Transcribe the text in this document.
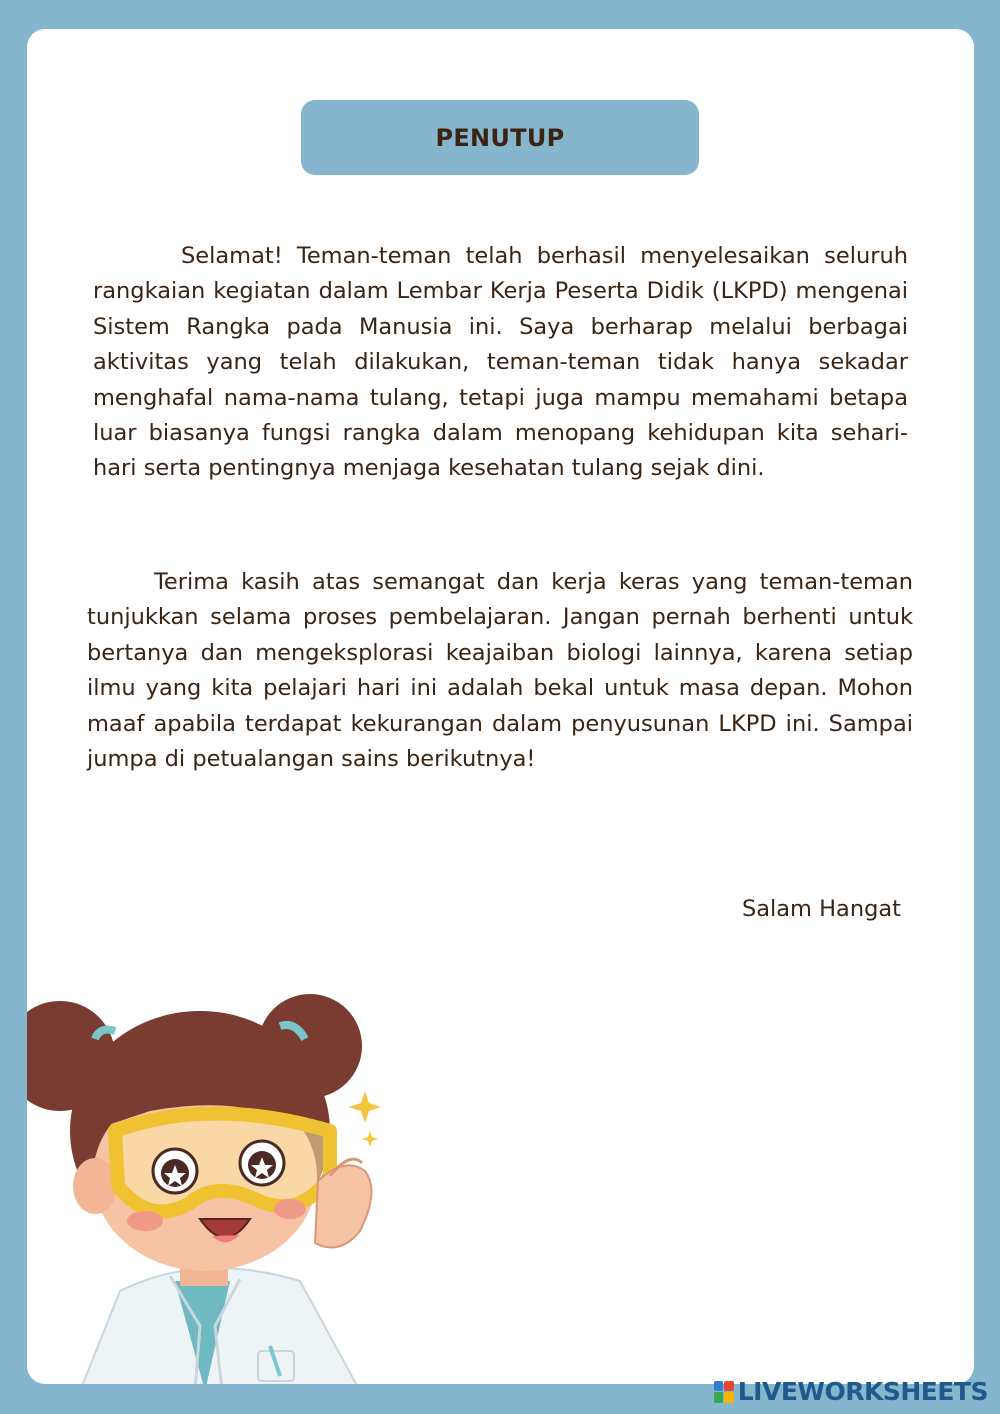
PENUTUP

Selamat! Teman-teman telah berhasil menyelesaikan seluruh rangkaian kegiatan dalam Lembar Kerja Peserta Didik (LKPD) mengenai Sistem Rangka pada Manusia ini. Saya berharap melalui berbagai aktivitas yang telah dilakukan, teman-teman tidak hanya sekadar menghafal nama-nama tulang, tetapi juga mampu memahami betapa luar biasanya fungsi rangka dalam menopang kehidupan kita sehari-hari serta pentingnya menjaga kesehatan tulang sejak dini.

Terima kasih atas semangat dan kerja keras yang teman-teman tunjukkan selama proses pembelajaran. Jangan pernah berhenti untuk bertanya dan mengeksplorasi keajaiban biologi lainnya, karena setiap ilmu yang kita pelajari hari ini adalah bekal untuk masa depan. Mohon maaf apabila terdapat kekurangan dalam penyusunan LKPD ini. Sampai jumpa di petualangan sains berikutnya!

Salam Hangat
LIVEWORKSHEETS
